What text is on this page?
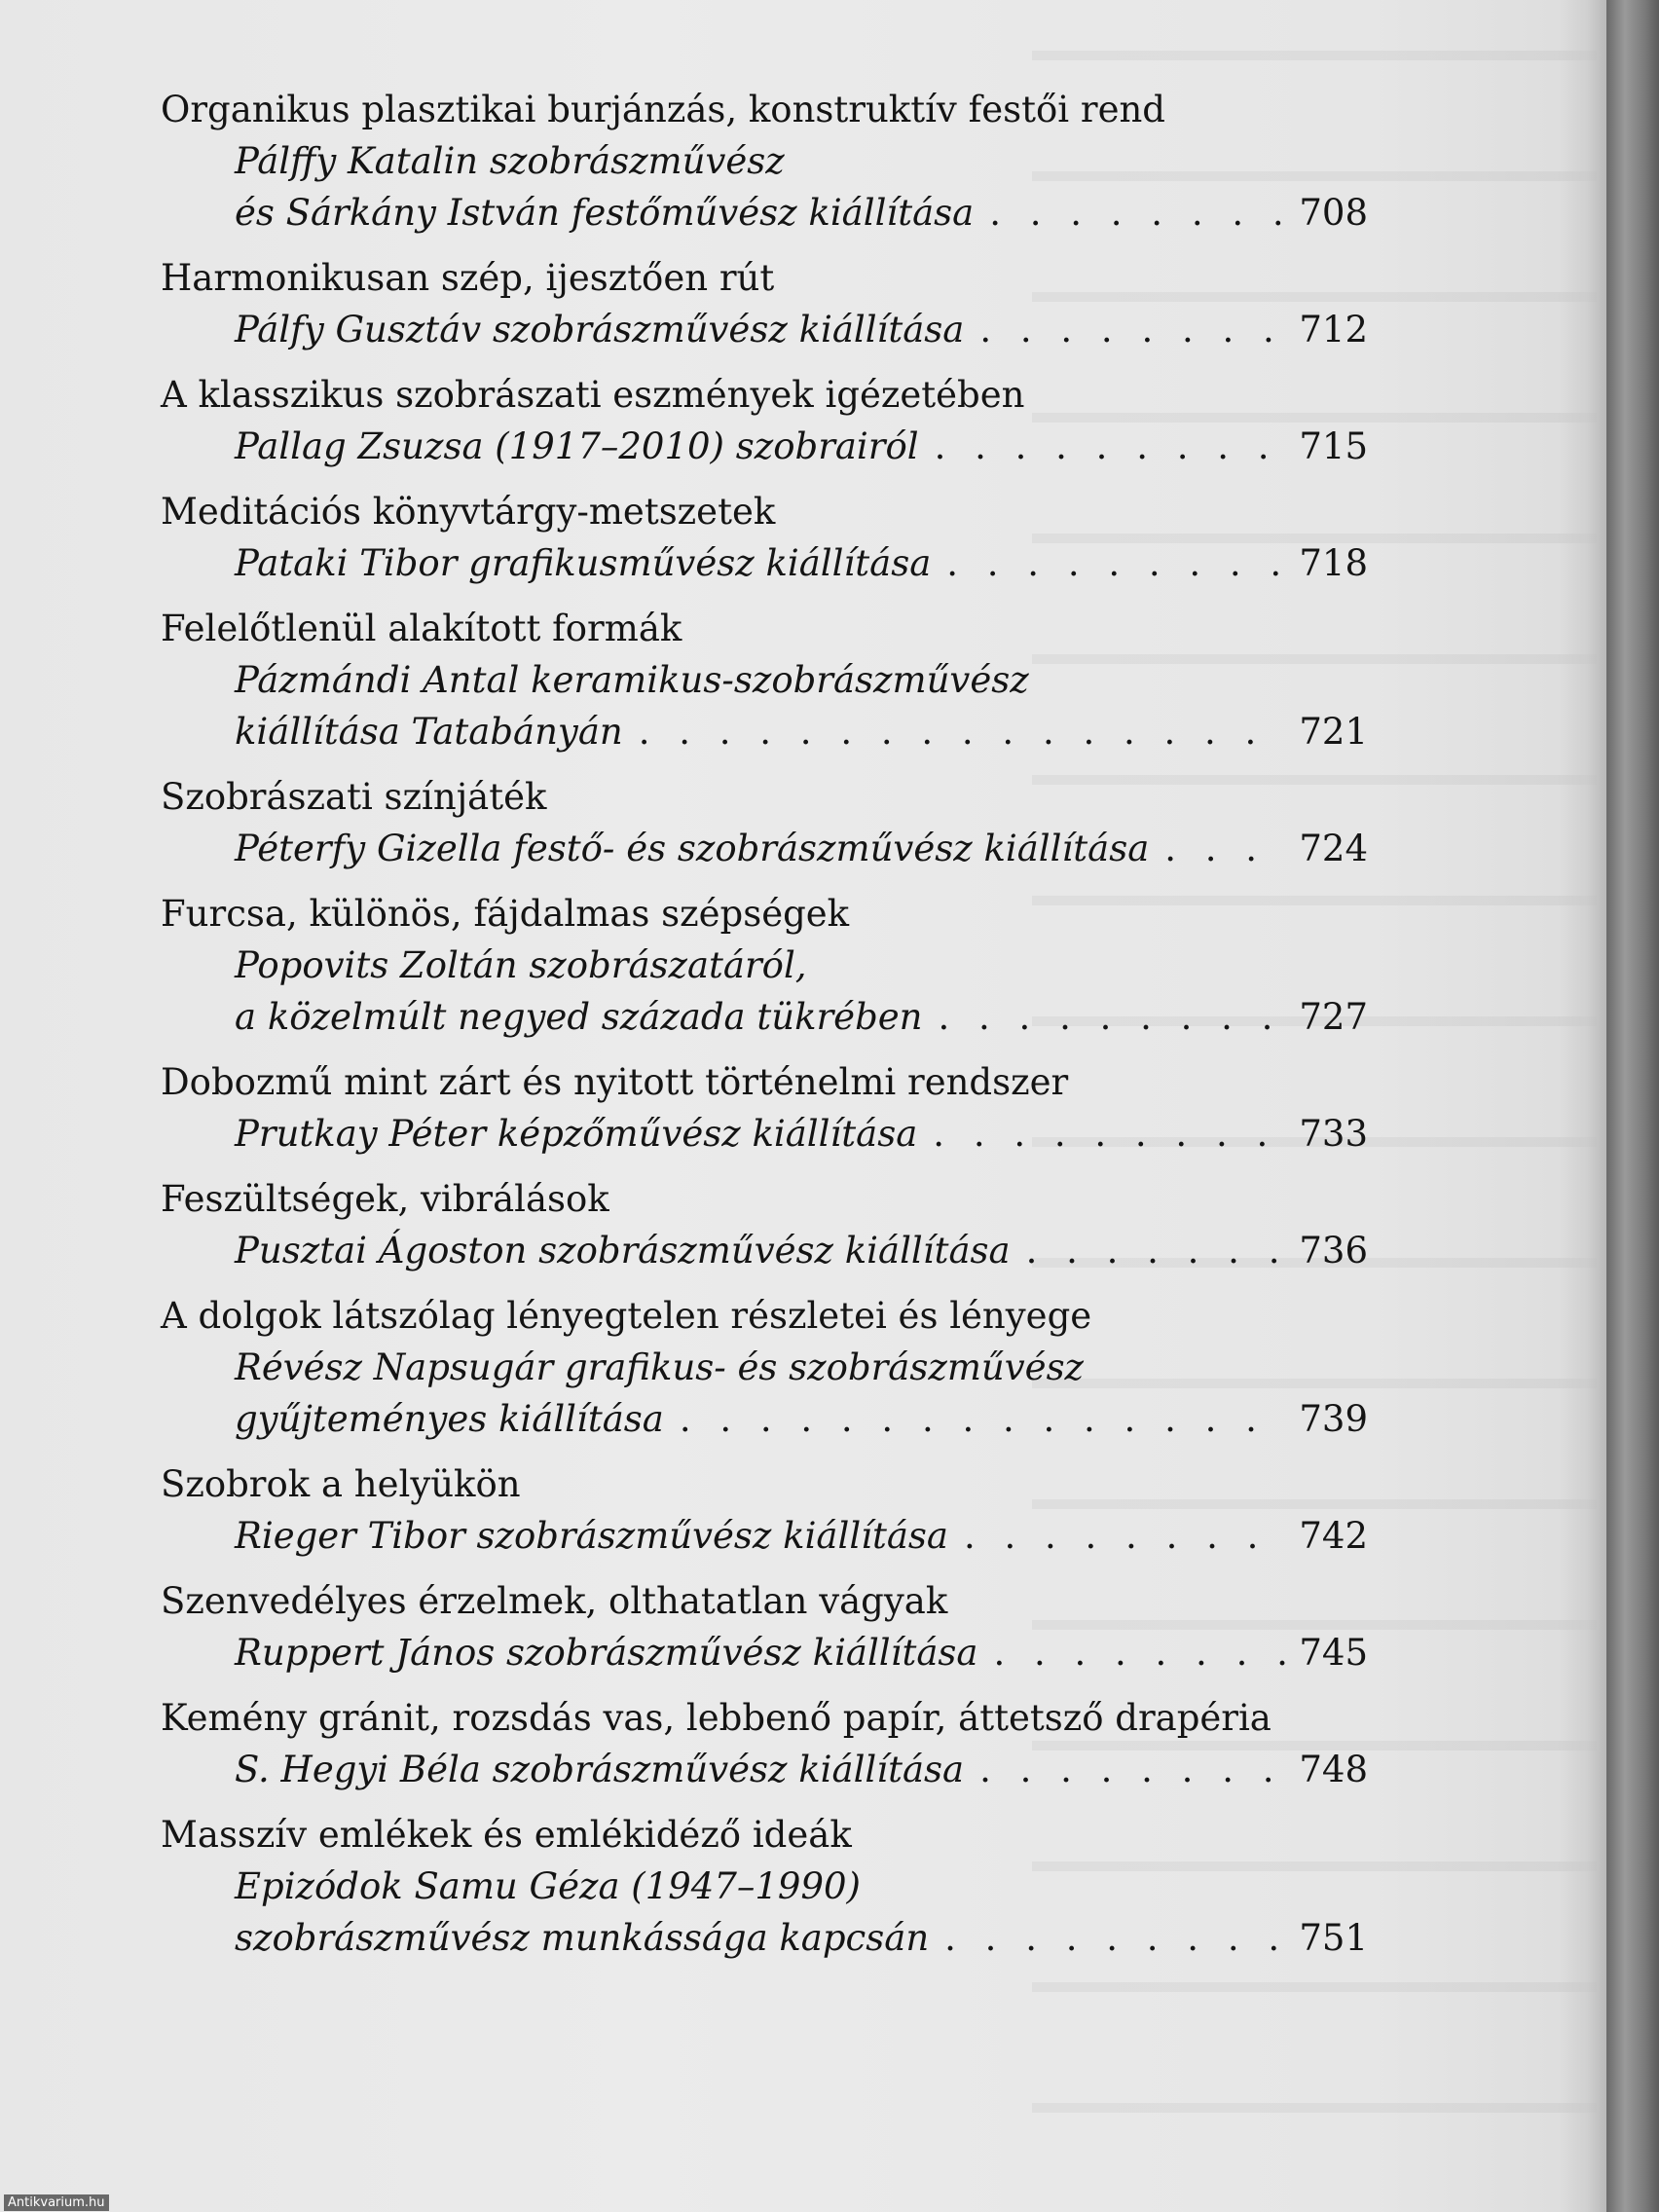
Organikus plasztikai burjánzás, konstruktív festői rend
Pálffy Katalin szobrászművész
és Sárkány István festőművész kiállítása . . .	708
Harmonikusan szép, ijesztően rút
Pálfy Gusztáv szobrászművész kiállítása . . .	712
A klasszikus szobrászati eszmények igézetében
Pallag Zsuzsa (1917–2010) szobrairól . . .	715
Meditációs könyvtárgy-metszetek
Pataki Tibor grafikusművész kiállítása . . .	718
Felelőtlenül alakított formák
Pázmándi Antal keramikus-szobrászművész
kiállítása Tatabányán . . .	721
Szobrászati színjáték
Péterfy Gizella festő- és szobrászművész kiállítása . . .	724
Furcsa, különös, fájdalmas szépségek
Popovits Zoltán szobrászatáról,
a közelmúlt negyed százada tükrében . . .	727
Dobozmű mint zárt és nyitott történelmi rendszer
Prutkay Péter képzőművész kiállítása . . .	733
Feszültségek, vibrálások
Pusztai Ágoston szobrászművész kiállítása . . .	736
A dolgok látszólag lényegtelen részletei és lényege
Révész Napsugár grafikus- és szobrászművész
gyűjteményes kiállítása . . .	739
Szobrok a helyükön
Rieger Tibor szobrászművész kiállítása . . .	742
Szenvedélyes érzelmek, olthatatlan vágyak
Ruppert János szobrászművész kiállítása . . .	745
Kemény gránit, rozsdás vas, lebbenő papír, áttetsző drapéria
S. Hegyi Béla szobrászművész kiállítása . . .	748
Masszív emlékek és emlékidéző ideák
Epizódok Samu Géza (1947–1990)
szobrászművész munkássága kapcsán . . .	751
Antikvarium.hu
